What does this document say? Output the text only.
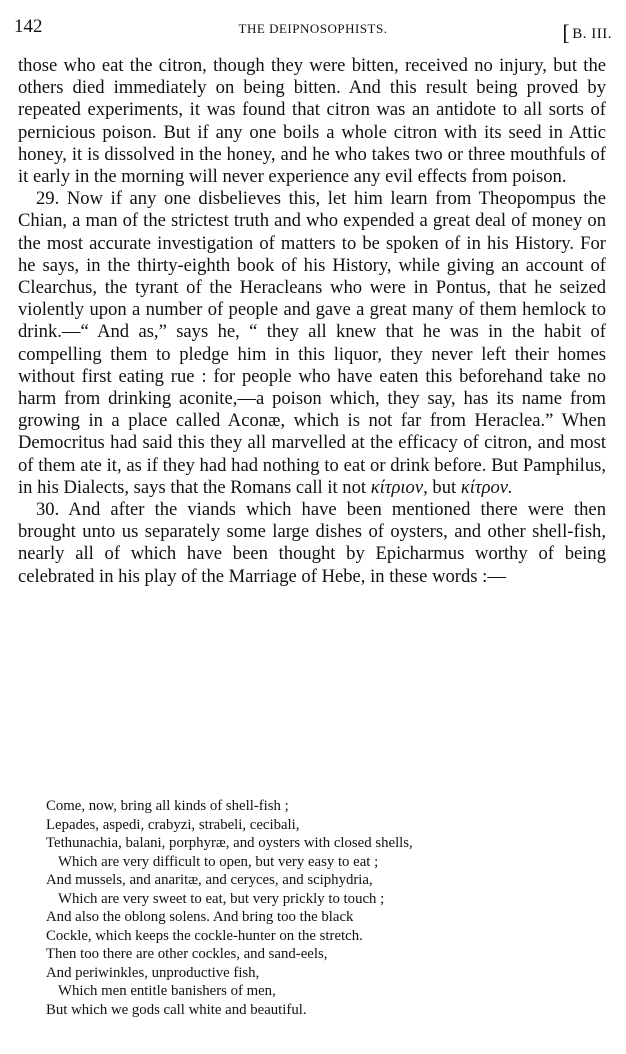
142	THE DEIPNOSOPHISTS.	[ B. III.

those who eat the citron, though they were bitten, received no injury, but the others died immediately on being bitten. And this result being proved by repeated experiments, it was found that citron was an antidote to all sorts of pernicious poison. But if any one boils a whole citron with its seed in Attic honey, it is dissolved in the honey, and he who takes two or three mouthfuls of it early in the morning will never experience any evil effects from poison.

29. Now if any one disbelieves this, let him learn from Theopompus the Chian, a man of the strictest truth and who expended a great deal of money on the most accurate investigation of matters to be spoken of in his History. For he says, in the thirty-eighth book of his History, while giving an account of Clearchus, the tyrant of the Heracleans who were in Pontus, that he seized violently upon a number of people and gave a great many of them hemlock to drink.—“ And as,” says he, “ they all knew that he was in the habit of compelling them to pledge him in this liquor, they never left their homes without first eating rue : for people who have eaten this beforehand take no harm from drinking aconite,—a poison which, they say, has its name from growing in a place called Aconæ, which is not far from Heraclea.” When Democritus had said this they all marvelled at the efficacy of citron, and most of them ate it, as if they had had nothing to eat or drink before. But Pamphilus, in his Dialects, says that the Romans call it not κίτριον, but κίτρον.

30. And after the viands which have been mentioned there were then brought unto us separately some large dishes of oysters, and other shell-fish, nearly all of which have been thought by Epicharmus worthy of being celebrated in his play of the Marriage of Hebe, in these words :—

Come, now, bring all kinds of shell-fish ;
Lepades, aspedi, crabyzi, strabeli, cecibali,
Tethunachia, balani, porphyræ, and oysters with closed shells,
Which are very difficult to open, but very easy to eat ;
And mussels, and anaritæ, and ceryces, and sciphydria,
Which are very sweet to eat, but very prickly to touch ;
And also the oblong solens. And bring too the black
Cockle, which keeps the cockle-hunter on the stretch.
Then too there are other cockles, and sand-eels,
And periwinkles, unproductive fish,
Which men entitle banishers of men,
But which we gods call white and beautiful.
